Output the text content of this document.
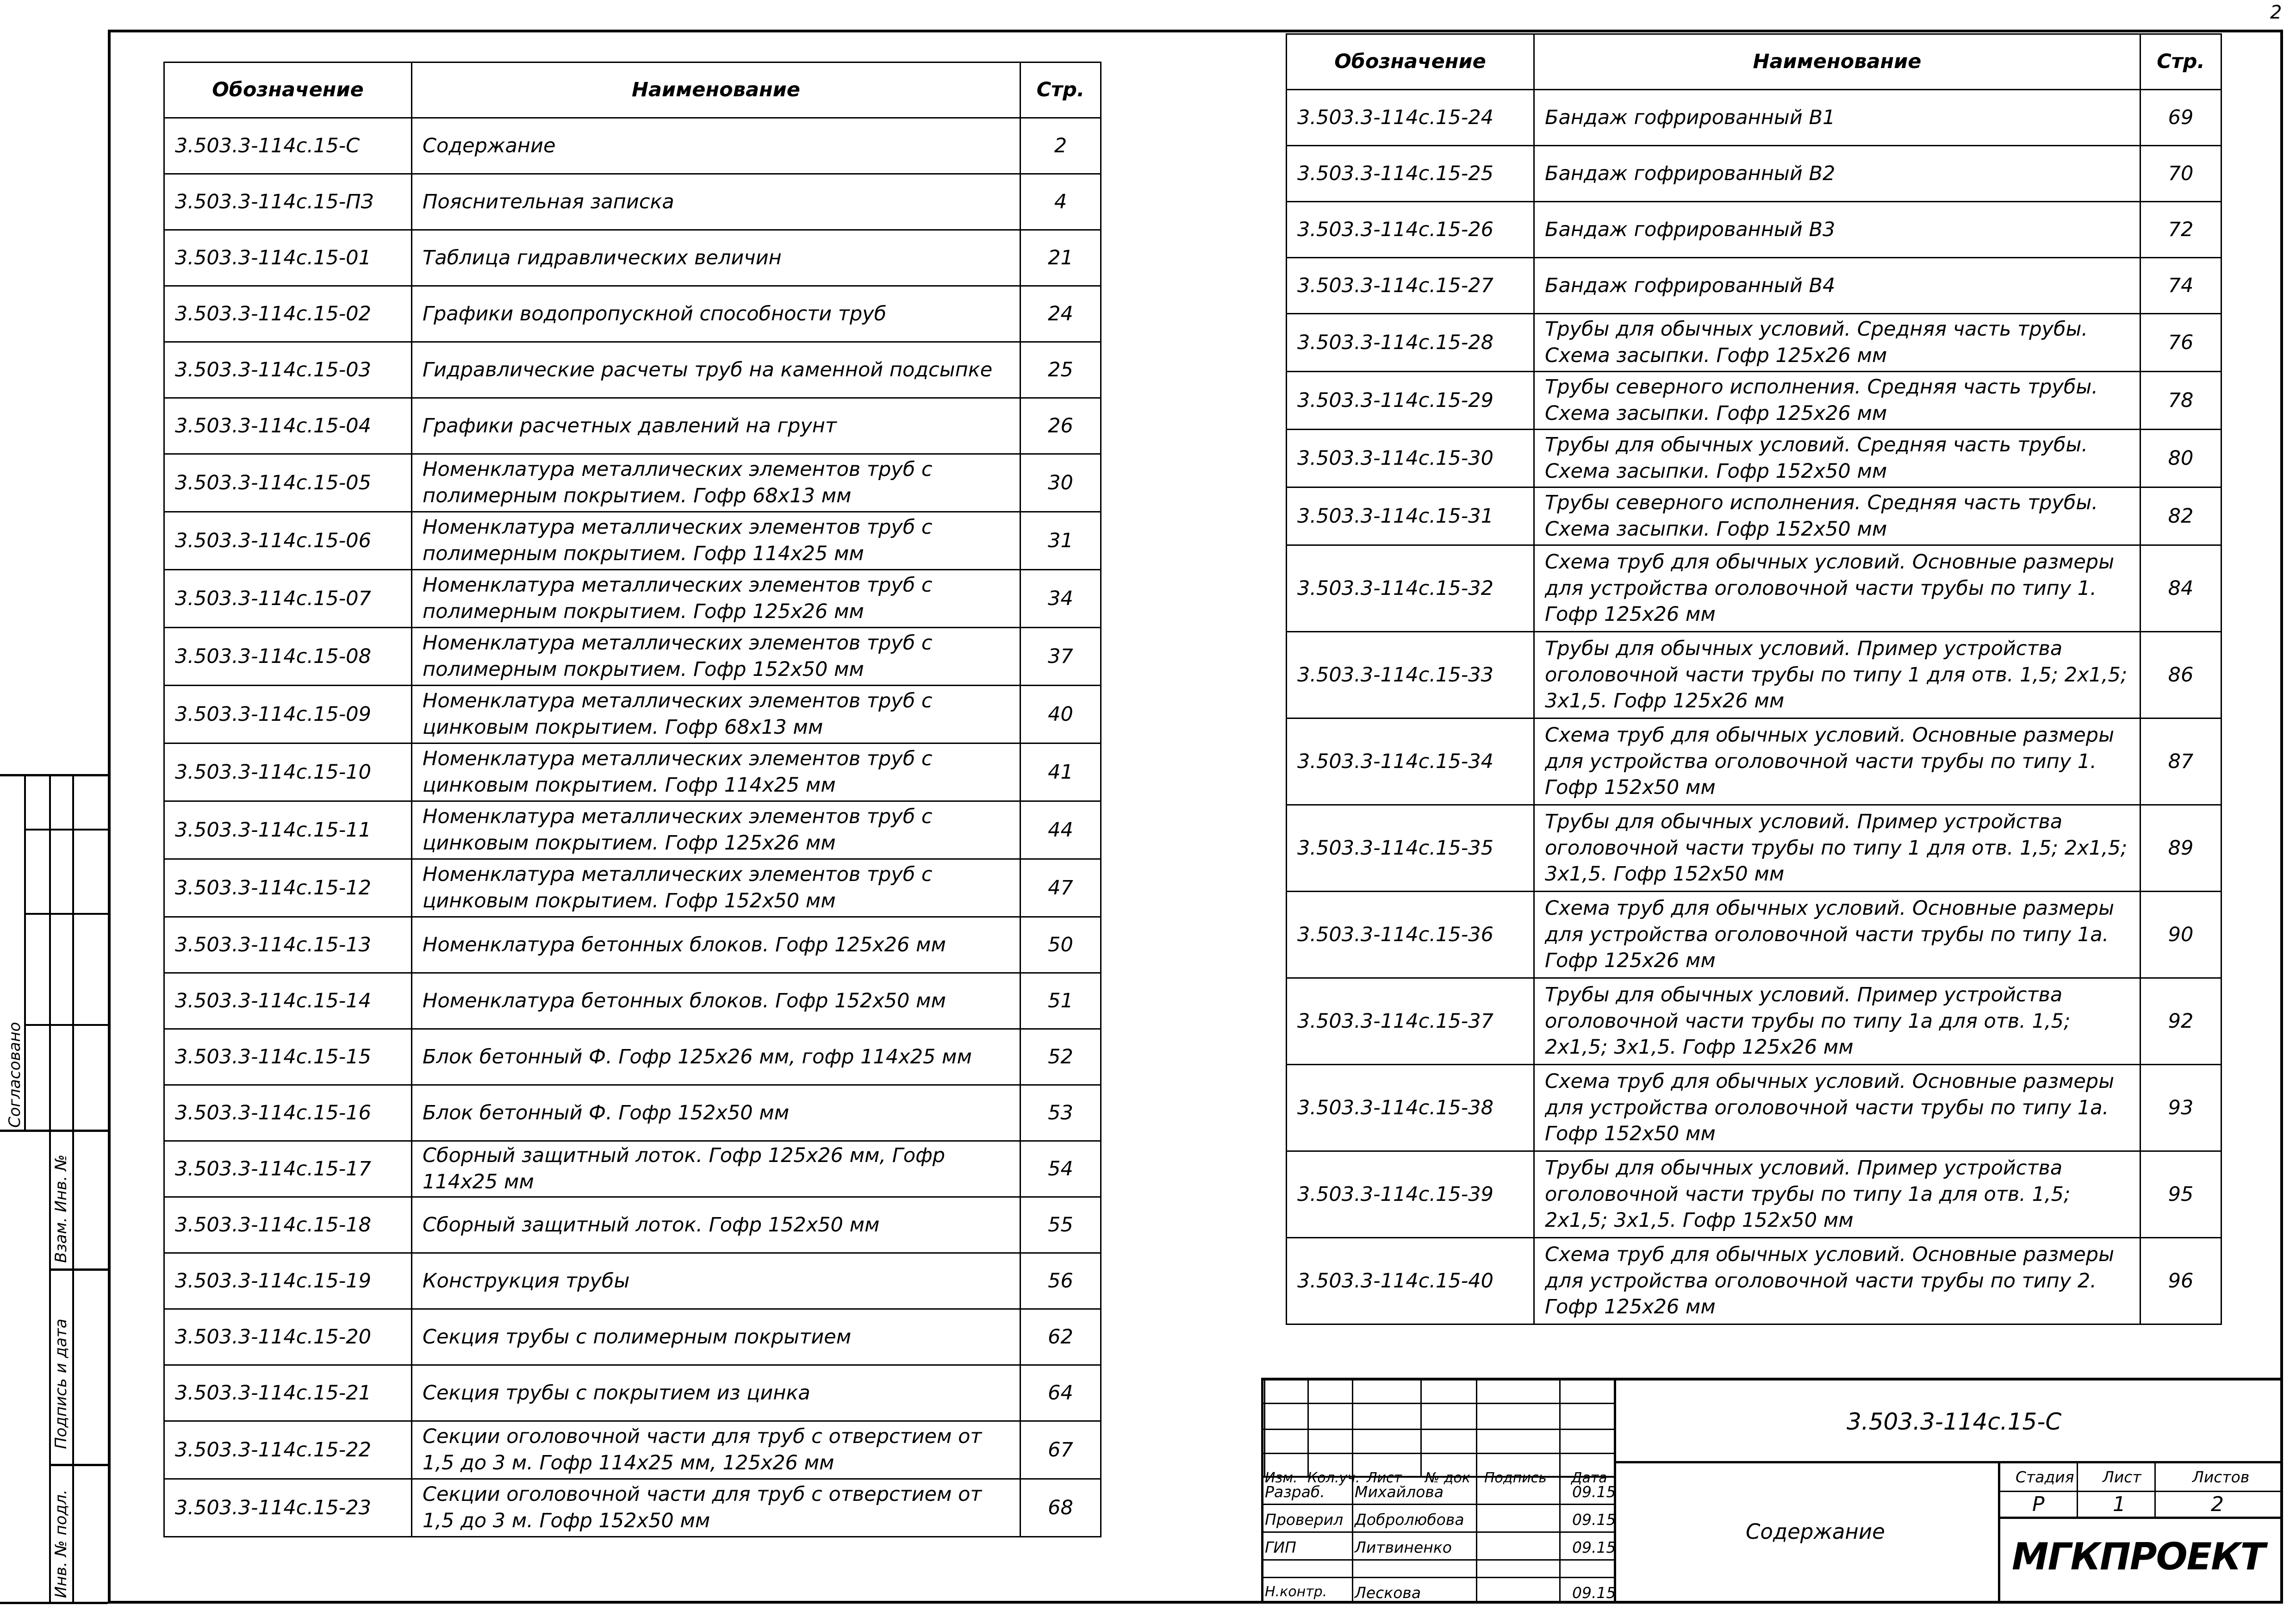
2
Согласовано
Взам. Инв. №
Подпись и дата
Инв. № подл.
Обозначение	Наименование	Стр.
3.503.3-114с.15-С	Содержание	2
3.503.3-114с.15-ПЗ	Пояснительная записка	4
3.503.3-114с.15-01	Таблица гидравлических величин	21
3.503.3-114с.15-02	Графики водопропускной способности труб	24
3.503.3-114с.15-03	Гидравлические расчеты труб на каменной подсыпке	25
3.503.3-114с.15-04	Графики расчетных давлений на грунт	26
3.503.3-114с.15-05	Номенклатура металлических элементов труб с полимерным покрытием. Гофр 68х13 мм	30
3.503.3-114с.15-06	Номенклатура металлических элементов труб с полимерным покрытием. Гофр 114х25 мм	31
3.503.3-114с.15-07	Номенклатура металлических элементов труб с полимерным покрытием. Гофр 125х26 мм	34
3.503.3-114с.15-08	Номенклатура металлических элементов труб с полимерным покрытием. Гофр 152х50 мм	37
3.503.3-114с.15-09	Номенклатура металлических элементов труб с цинковым покрытием. Гофр 68х13 мм	40
3.503.3-114с.15-10	Номенклатура металлических элементов труб с цинковым покрытием. Гофр 114х25 мм	41
3.503.3-114с.15-11	Номенклатура металлических элементов труб с цинковым покрытием. Гофр 125х26 мм	44
3.503.3-114с.15-12	Номенклатура металлических элементов труб с цинковым покрытием. Гофр 152х50 мм	47
3.503.3-114с.15-13	Номенклатура бетонных блоков. Гофр 125х26 мм	50
3.503.3-114с.15-14	Номенклатура бетонных блоков. Гофр 152х50 мм	51
3.503.3-114с.15-15	Блок бетонный Ф. Гофр 125х26 мм, гофр 114х25 мм	52
3.503.3-114с.15-16	Блок бетонный Ф. Гофр 152х50 мм	53
3.503.3-114с.15-17	Сборный защитный лоток. Гофр 125х26 мм, Гофр 114х25 мм	54
3.503.3-114с.15-18	Сборный защитный лоток. Гофр 152х50 мм	55
3.503.3-114с.15-19	Конструкция трубы	56
3.503.3-114с.15-20	Секция трубы с полимерным покрытием	62
3.503.3-114с.15-21	Секция трубы с покрытием из цинка	64
3.503.3-114с.15-22	Секции оголовочной части для труб с отверстием от 1,5 до 3 м. Гофр 114х25 мм, 125х26 мм	67
3.503.3-114с.15-23	Секции оголовочной части для труб с отверстием от 1,5 до 3 м. Гофр 152х50 мм	68
Обозначение	Наименование	Стр.
3.503.3-114с.15-24	Бандаж гофрированный В1	69
3.503.3-114с.15-25	Бандаж гофрированный В2	70
3.503.3-114с.15-26	Бандаж гофрированный В3	72
3.503.3-114с.15-27	Бандаж гофрированный В4	74
3.503.3-114с.15-28	Трубы для обычных условий. Средняя часть трубы. Схема засыпки. Гофр 125х26 мм	76
3.503.3-114с.15-29	Трубы северного исполнения. Средняя часть трубы. Схема засыпки. Гофр 125х26 мм	78
3.503.3-114с.15-30	Трубы для обычных условий. Средняя часть трубы. Схема засыпки. Гофр 152х50 мм	80
3.503.3-114с.15-31	Трубы северного исполнения. Средняя часть трубы. Схема засыпки. Гофр 152х50 мм	82
3.503.3-114с.15-32	Схема труб для обычных условий. Основные размеры для устройства оголовочной части трубы по типу 1. Гофр 125х26 мм	84
3.503.3-114с.15-33	Трубы для обычных условий. Пример устройства оголовочной части трубы по типу 1 для отв. 1,5; 2х1,5; 3х1,5. Гофр 125х26 мм	86
3.503.3-114с.15-34	Схема труб для обычных условий. Основные размеры для устройства оголовочной части трубы по типу 1. Гофр 152х50 мм	87
3.503.3-114с.15-35	Трубы для обычных условий. Пример устройства оголовочной части трубы по типу 1 для отв. 1,5; 2х1,5; 3х1,5. Гофр 152х50 мм	89
3.503.3-114с.15-36	Схема труб для обычных условий. Основные размеры для устройства оголовочной части трубы по типу 1а. Гофр 125х26 мм	90
3.503.3-114с.15-37	Трубы для обычных условий. Пример устройства оголовочной части трубы по типу 1а для отв. 1,5; 2х1,5; 3х1,5. Гофр 125х26 мм	92
3.503.3-114с.15-38	Схема труб для обычных условий. Основные размеры для устройства оголовочной части трубы по типу 1а. Гофр 152х50 мм	93
3.503.3-114с.15-39	Трубы для обычных условий. Пример устройства оголовочной части трубы по типу 1а для отв. 1,5; 2х1,5; 3х1,5. Гофр 152х50 мм	95
3.503.3-114с.15-40	Схема труб для обычных условий. Основные размеры для устройства оголовочной части трубы по типу 2. Гофр 125х26 мм	96
Изм. Кол.уч. Лист № док Подпись Дата
Разраб. Михайлова	09.15
Проверил Добролюбова	09.15
ГИП	Литвиненко	09.15
Н.контр. Лескова	09.15
3.503.3-114с.15-С
Содержание
Стадия Лист	Листов
Р	1	2
МГКПРОЕКТ
